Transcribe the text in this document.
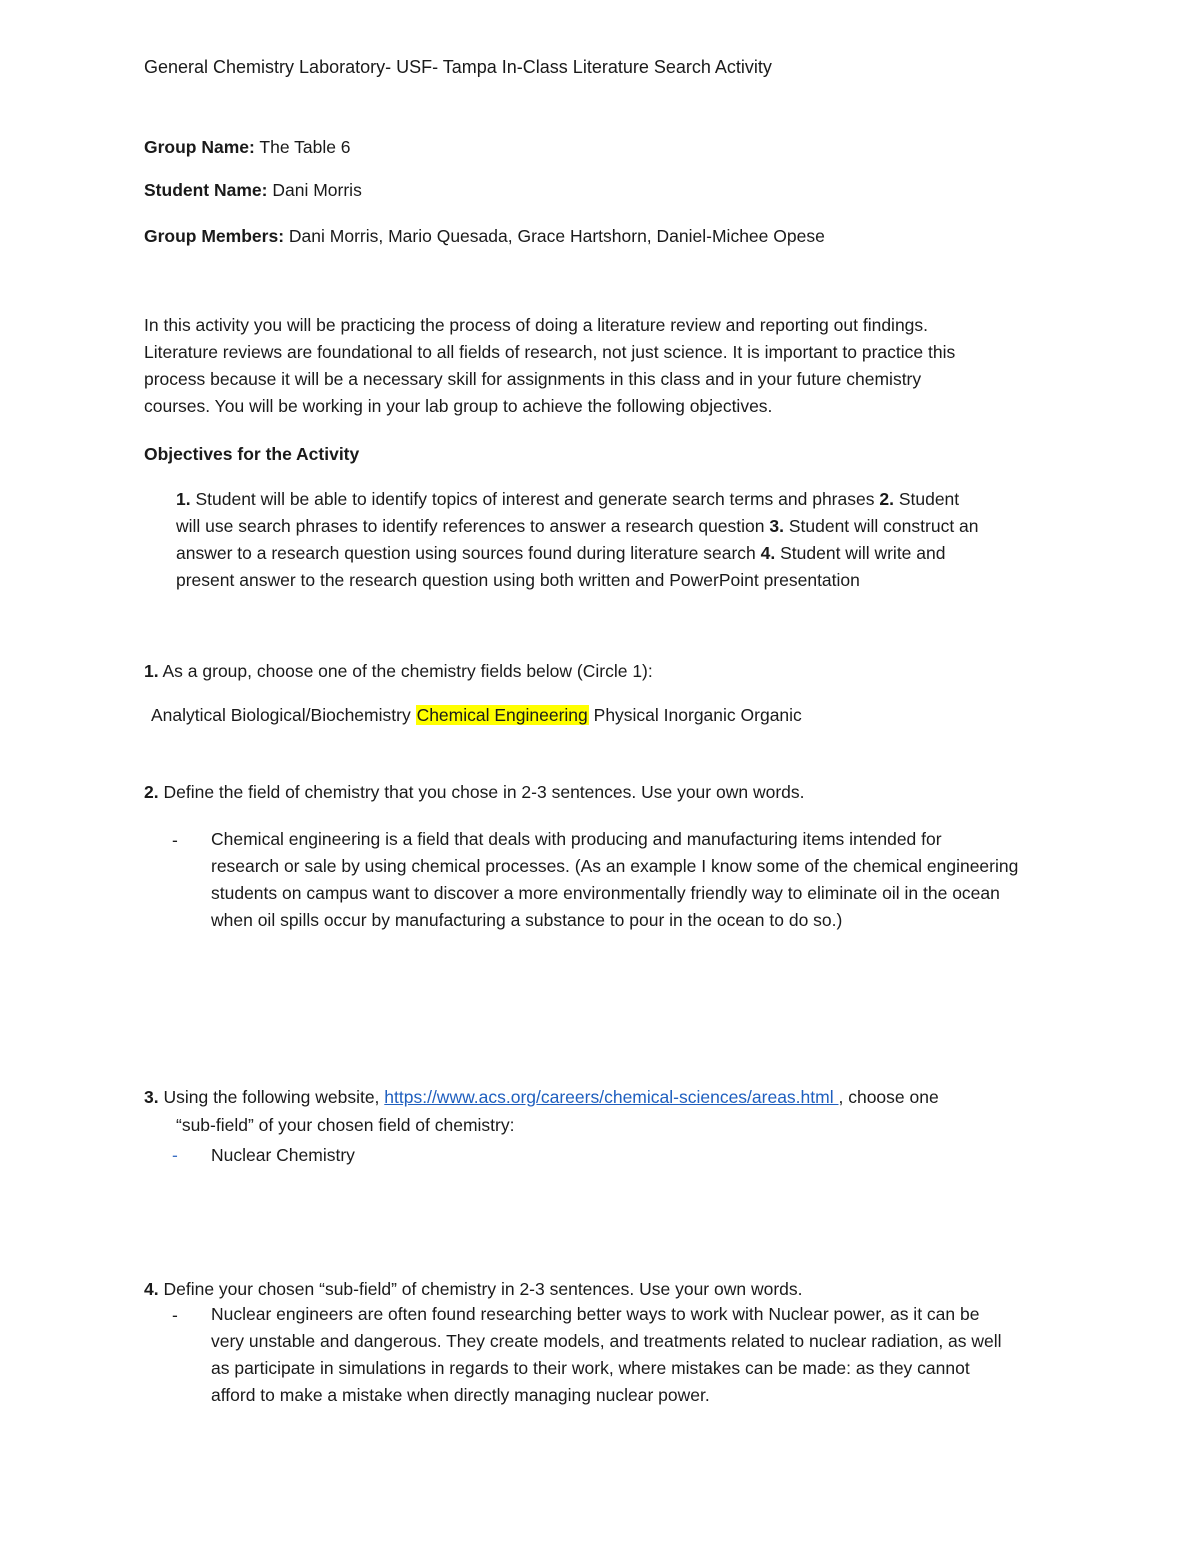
General Chemistry Laboratory- USF- Tampa In-Class Literature Search Activity
Group Name: The Table 6
Student Name: Dani Morris
Group Members: Dani Morris, Mario Quesada, Grace Hartshorn, Daniel-Michee Opese
In this activity you will be practicing the process of doing a literature review and reporting out findings.
Literature reviews are foundational to all fields of research, not just science. It is important to practice this
process because it will be a necessary skill for assignments in this class and in your future chemistry
courses. You will be working in your lab group to achieve the following objectives.
Objectives for the Activity
1. Student will be able to identify topics of interest and generate search terms and phrases 2. Student
will use search phrases to identify references to answer a research question 3. Student will construct an
answer to a research question using sources found during literature search 4. Student will write and
present answer to the research question using both written and PowerPoint presentation
1. As a group, choose one of the chemistry fields below (Circle 1):
Analytical Biological/Biochemistry Chemical Engineering Physical Inorganic Organic
2. Define the field of chemistry that you chose in 2-3 sentences. Use your own words.
- Chemical engineering is a field that deals with producing and manufacturing items intended for
research or sale by using chemical processes. (As an example I know some of the chemical engineering
students on campus want to discover a more environmentally friendly way to eliminate oil in the ocean
when oil spills occur by manufacturing a substance to pour in the ocean to do so.)
3. Using the following website, https://www.acs.org/careers/chemical-sciences/areas.html , choose one
“sub-field” of your chosen field of chemistry:
- Nuclear Chemistry
4. Define your chosen “sub-field” of chemistry in 2-3 sentences. Use your own words.
- Nuclear engineers are often found researching better ways to work with Nuclear power, as it can be
very unstable and dangerous. They create models, and treatments related to nuclear radiation, as well
as participate in simulations in regards to their work, where mistakes can be made: as they cannot
afford to make a mistake when directly managing nuclear power.
